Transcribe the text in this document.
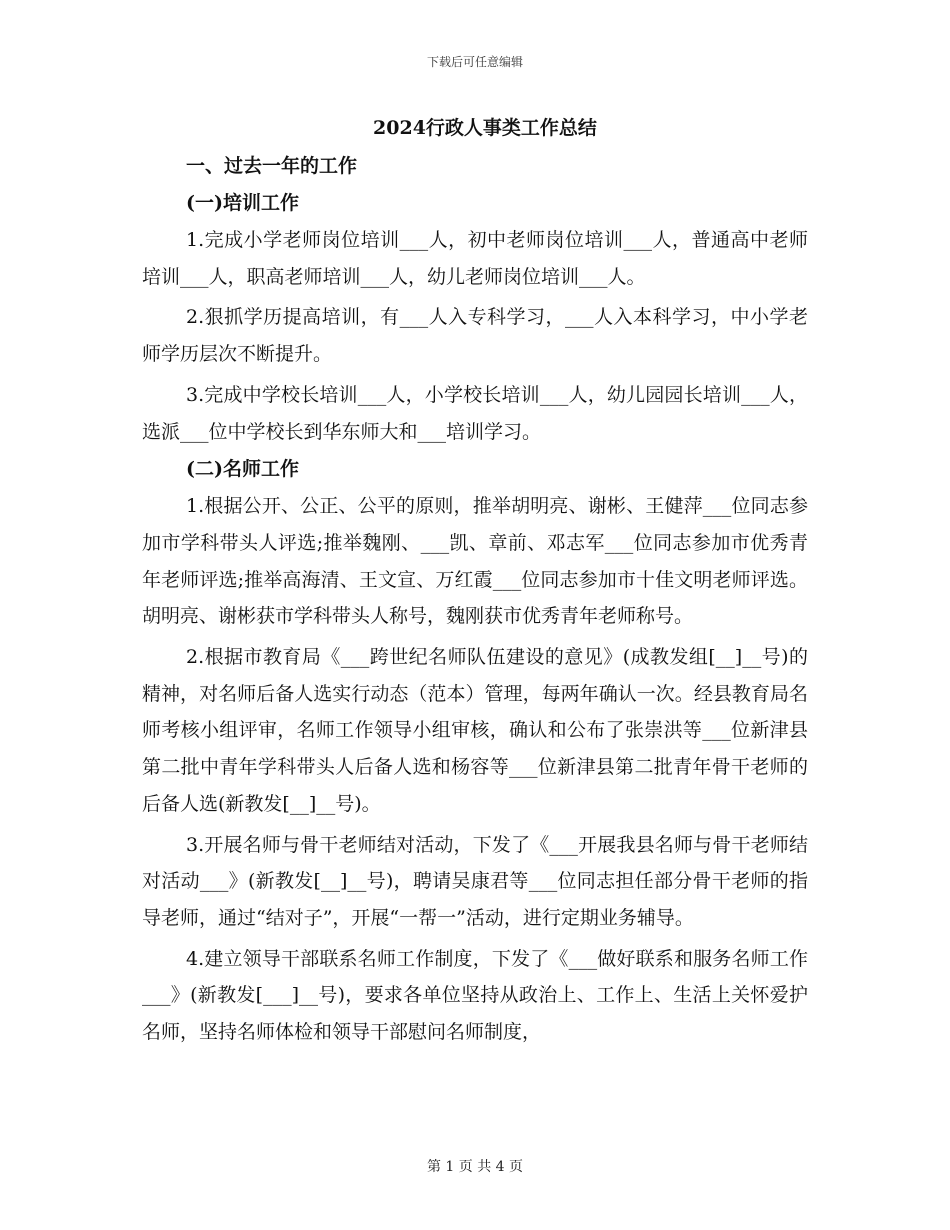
下载后可任意编辑
2024行政人事类工作总结
一、过去一年的工作
(一)培训工作

1.完成小学老师岗位培训___人，初中老师岗位培训___人，普通高中老师培训___人，职高老师培训___人，幼儿老师岗位培训___人。

2.狠抓学历提高培训，有___人入专科学习，___人入本科学习，中小学老师学历层次不断提升。

3.完成中学校长培训___人，小学校长培训___人，幼儿园园长培训___人，选派___位中学校长到华东师大和___培训学习。

(二)名师工作

1.根据公开、公正、公平的原则，推举胡明亮、谢彬、王健萍___位同志参加市学科带头人评选;推举魏刚、___凯、章前、邓志军___位同志参加市优秀青年老师评选;推举高海清、王文宣、万红霞___位同志参加市十佳文明老师评选。胡明亮、谢彬获市学科带头人称号，魏刚获市优秀青年老师称号。

2.根据市教育局《___跨世纪名师队伍建设的意见》(成教发组[__]__号)的精神，对名师后备人选实行动态（范本）管理，每两年确认一次。经县教育局名师考核小组评审，名师工作领导小组审核，确认和公布了张崇洪等___位新津县第二批中青年学科带头人后备人选和杨容等___位新津县第二批青年骨干老师的后备人选(新教发[__]__号)。

3.开展名师与骨干老师结对活动，下发了《___开展我县名师与骨干老师结对活动___》(新教发[__]__号)，聘请吴康君等___位同志担任部分骨干老师的指导老师，通过“结对子”，开展“一帮一”活动，进行定期业务辅导。

4.建立领导干部联系名师工作制度，下发了《___做好联系和服务名师工作___》(新教发[___]__号)，要求各单位坚持从政治上、工作上、生活上关怀爱护名师，坚持名师体检和领导干部慰问名师制度，

第 1 页 共 4 页
